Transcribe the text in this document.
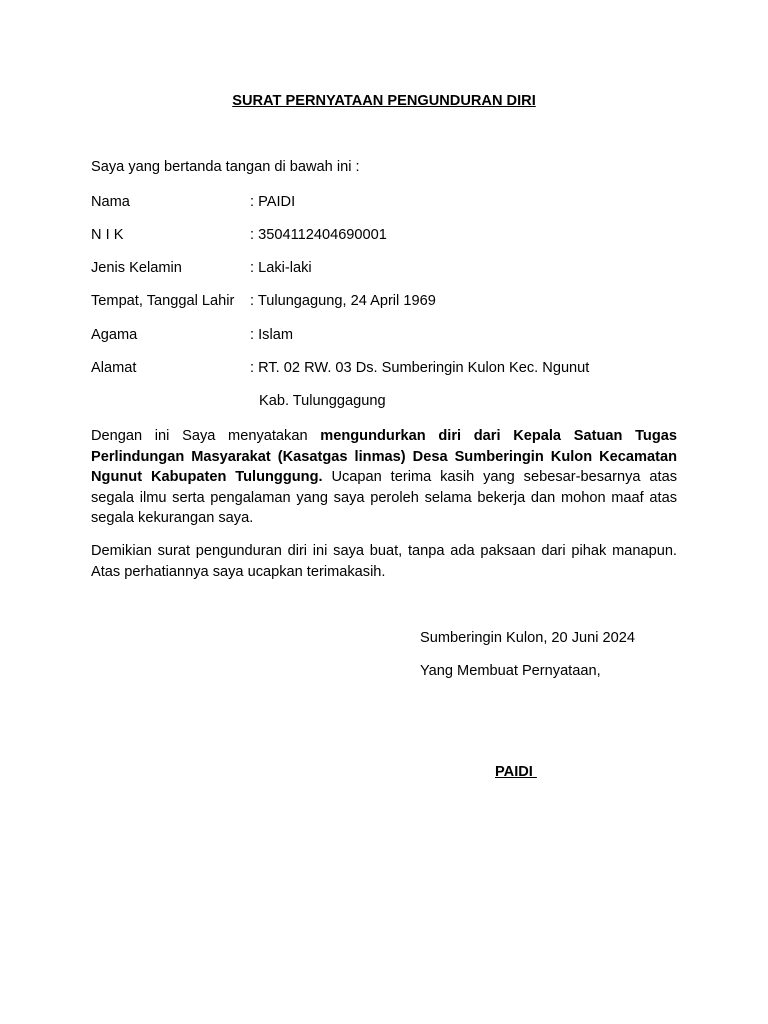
SURAT PERNYATAAN PENGUNDURAN DIRI

Saya yang bertanda tangan di bawah ini :

Nama	: PAIDI
N I K	: 3504112404690001
Jenis Kelamin	: Laki-laki
Tempat, Tanggal Lahir : Tulungagung, 24 April 1969
Agama	: Islam
Alamat	: RT. 02 RW. 03 Ds. Sumberingin Kulon Kec. Ngunut
Kab. Tulunggagung

Dengan ini Saya menyatakan mengundurkan diri dari Kepala Satuan Tugas Perlindungan Masyarakat (Kasatgas linmas) Desa Sumberingin Kulon Kecamatan Ngunut Kabupaten Tulunggung. Ucapan terima kasih yang sebesar-besarnya atas segala ilmu serta pengalaman yang saya peroleh selama bekerja dan mohon maaf atas segala kekurangan saya.

Demikian surat pengunduran diri ini saya buat, tanpa ada paksaan dari pihak manapun. Atas perhatiannya saya ucapkan terimakasih.

Sumberingin Kulon, 20 Juni 2024

Yang Membuat Pernyataan,

PAIDI
